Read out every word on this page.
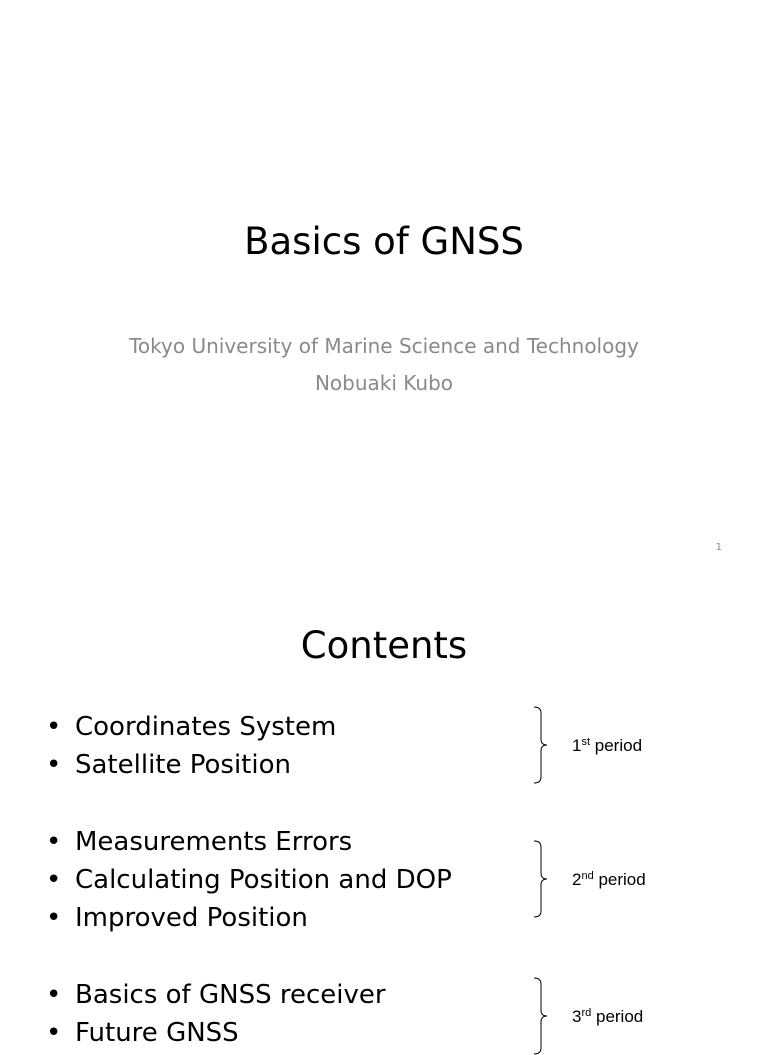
Basics of GNSS
Tokyo University of Marine Science and Technology
Nobuaki Kubo
1
Contents
• Coordinates System
• Satellite Position
• Measurements Errors
• Calculating Position and DOP
• Improved Position
• Basics of GNSS receiver
• Future GNSS
1st period
2nd period
3rd period
